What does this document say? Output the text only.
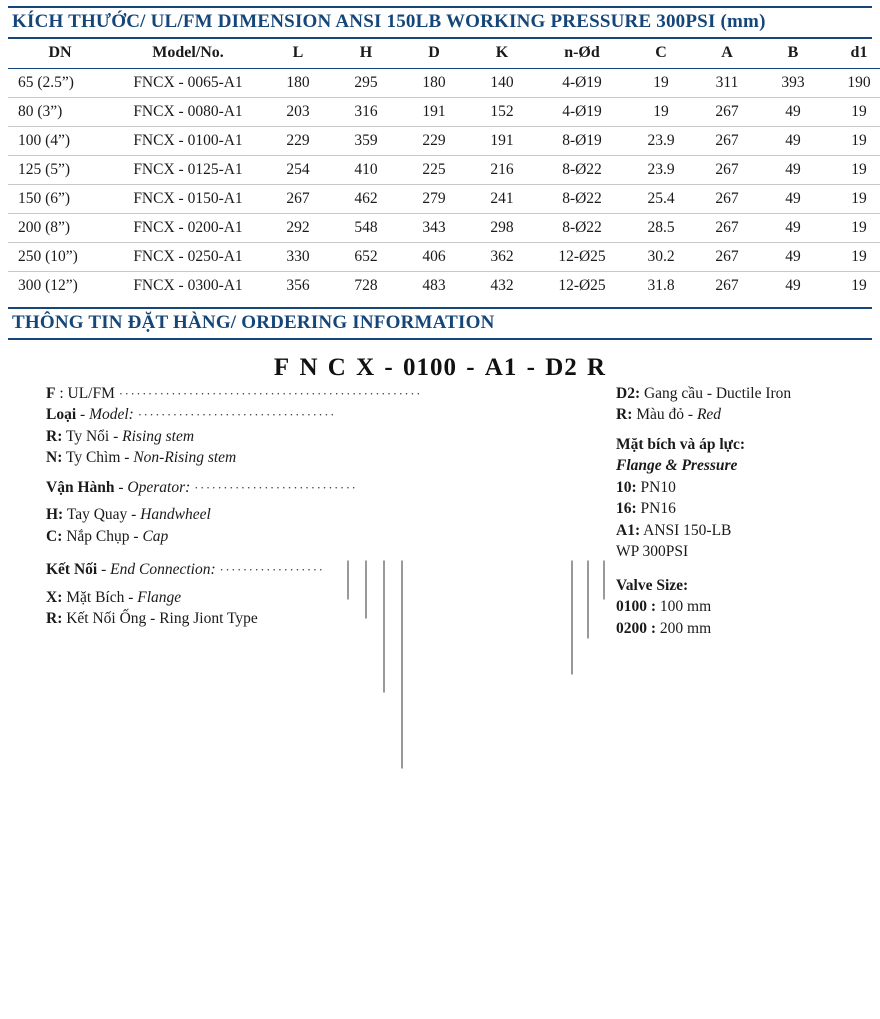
KÍCH THƯỚC/ UL/FM DIMENSION ANSI 150LB WORKING PRESSURE 300PSI (mm)
DN	Model/No.	L	H	D	K	n-Ød	C	A	B	d1
65 (2.5”)	FNCX - 0065-A1	180	295	180	140	4-Ø19	19	311	393	190
80 (3”)	FNCX - 0080-A1	203	316	191	152	4-Ø19	19	267	49	19
100 (4”)	FNCX - 0100-A1	229	359	229	191	8-Ø19	23.9	267	49	19
125 (5”)	FNCX - 0125-A1	254	410	225	216	8-Ø22	23.9	267	49	19
150 (6”)	FNCX - 0150-A1	267	462	279	241	8-Ø22	25.4	267	49	19
200 (8”)	FNCX - 0200-A1	292	548	343	298	8-Ø22	28.5	267	49	19
250 (10”)	FNCX - 0250-A1	330	652	406	362	12-Ø25	30.2	267	49	19
300 (12”)	FNCX - 0300-A1	356	728	483	432	12-Ø25	31.8	267	49	19
THÔNG TIN ĐẶT HÀNG/ ORDERING INFORMATION
F N C X - 0100 - A1 - D2 R
F : UL/FM ····················································
Loại - Model: ··································
R: Ty Nổi - Rising stem
N: Ty Chìm - Non-Rising stem
Vận Hành - Operator: ····························
H: Tay Quay - Handwheel
C: Nắp Chụp - Cap
Kết Nối - End Connection: ··················
X: Mặt Bích - Flange
R: Kết Nối Ống - Ring Jiont Type
D2: Gang cầu - Ductile Iron
R: Màu đỏ - Red
Mặt bích và áp lực:
Flange & Pressure
10: PN10
16: PN16
A1: ANSI 150-LB
WP 300PSI
Valve Size:
0100 : 100 mm
0200 : 200 mm
